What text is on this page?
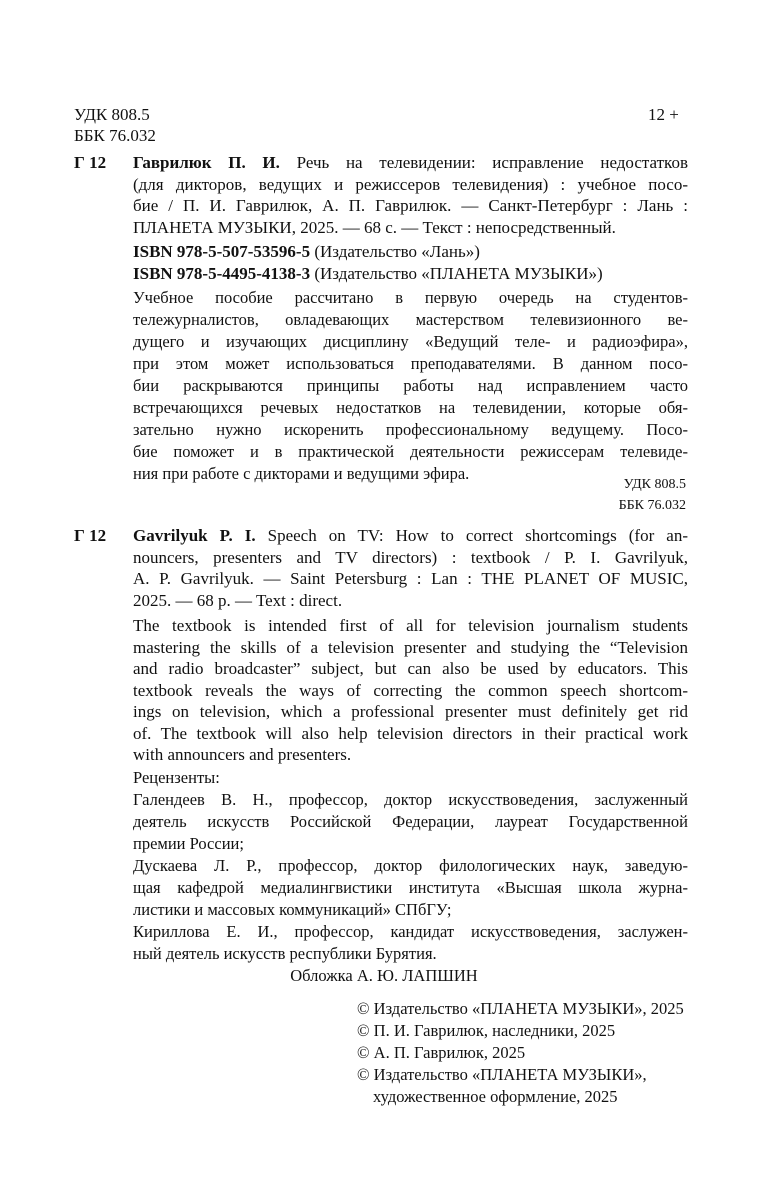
УДК 808.5
ББК 76.032
12 +
Г 12 Гаврилюк П. И. Речь на телевидении: исправление недостатков
(для дикторов, ведущих и режиссеров телевидения) : учебное посо-
бие / П. И. Гаврилюк, А. П. Гаврилюк. — Санкт-Петербург : Лань :
ПЛАНЕТА МУЗЫКИ, 2025. — 68 с. — Текст : непосредственный.
ISBN 978-5-507-53596-5 (Издательство «Лань»)
ISBN 978-5-4495-4138-3 (Издательство «ПЛАНЕТА МУЗЫКИ»)
Учебное пособие рассчитано в первую очередь на студентов-
тележурналистов, овладевающих мастерством телевизионного ве-
дущего и изучающих дисциплину «Ведущий теле- и радиоэфира»,
при этом может использоваться преподавателями. В данном посо-
бии раскрываются принципы работы над исправлением часто
встречающихся речевых недостатков на телевидении, которые обя-
зательно нужно искоренить профессиональному ведущему. Посо-
бие поможет и в практической деятельности режиссерам телевиде-
ния при работе с дикторами и ведущими эфира.
УДК 808.5
ББК 76.032
Г 12 Gavrilyuk P. I. Speech on TV: How to correct shortcomings (for an-
nouncers, presenters and TV directors) : textbook / P. I. Gavrilyuk,
A. P. Gavrilyuk. — Saint Petersburg : Lan : THE PLANET OF MUSIC,
2025. — 68 p. — Text : direct.
The textbook is intended first of all for television journalism students
mastering the skills of a television presenter and studying the “Television
and radio broadcaster” subject, but can also be used by educators. This
textbook reveals the ways of correcting the common speech shortcom-
ings on television, which a professional presenter must definitely get rid
of. The textbook will also help television directors in their practical work
with announcers and presenters.
Рецензенты:
Галендеев В. Н., профессор, доктор искусствоведения, заслуженный
деятель искусств Российской Федерации, лауреат Государственной
премии России;
Дускаева Л. Р., профессор, доктор филологических наук, заведую-
щая кафедрой медиалингвистики института «Высшая школа журна-
листики и массовых коммуникаций» СПбГУ;
Кириллова Е. И., профессор, кандидат искусствоведения, заслужен-
ный деятель искусств республики Бурятия.
Обложка А. Ю. ЛАПШИН
© Издательство «ПЛАНЕТА МУЗЫКИ», 2025
© П. И. Гаврилюк, наследники, 2025
© А. П. Гаврилюк, 2025
© Издательство «ПЛАНЕТА МУЗЫКИ»,
художественное оформление, 2025
